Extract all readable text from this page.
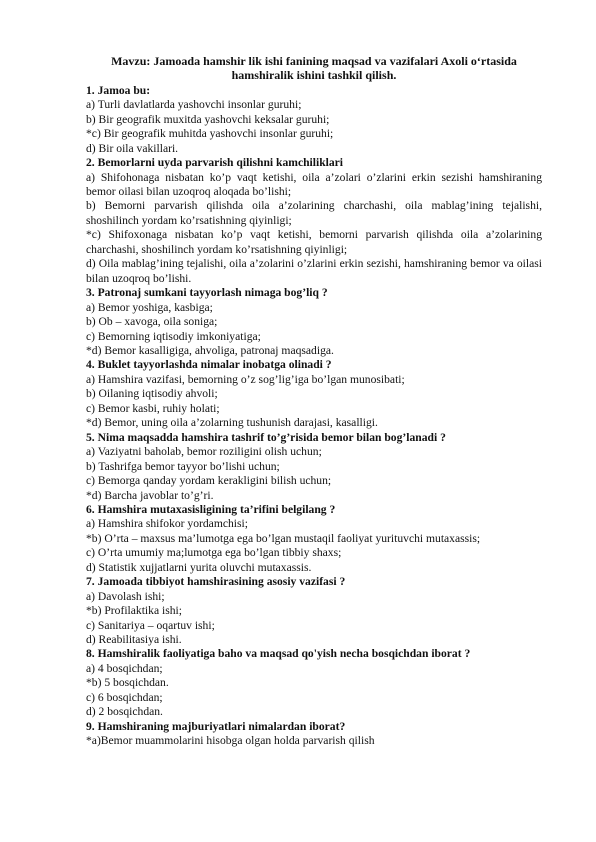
Mavzu: Jamoada hamshir lik ishi fanining maqsad va vazifalari Axoli o‘rtasida hamshiralik ishini tashkil qilish.

1. Jamoa bu:

a) Turli davlatlarda yashovchi insonlar guruhi;

b) Bir geografik muxitda yashovchi keksalar guruhi;

*c) Bir geografik muhitda yashovchi insonlar guruhi;

d) Bir oila vakillari.

2. Bemorlarni uyda parvarish qilishni kamchiliklari

a) Shifohonaga nisbatan ko’p vaqt ketishi, oila a’zolari o’zlarini erkin sezishi hamshiraning bemor oilasi bilan uzoqroq aloqada bo’lishi;

b) Bemorni parvarish qilishda oila a’zolarining charchashi, oila mablag’ining tejalishi, shoshilinch yordam ko’rsatishning qiyinligi;

*c) Shifoxonaga nisbatan ko’p vaqt ketishi, bemorni parvarish qilishda oila a’zolarining charchashi, shoshilinch yordam ko’rsatishning qiyinligi;

d) Oila mablag’ining tejalishi, oila a’zolarini o’zlarini erkin sezishi, hamshiraning bemor va oilasi bilan uzoqroq bo’lishi.

3. Patronaj sumkani tayyorlash nimaga bog’liq ?

a) Bemor yoshiga, kasbiga;

b) Ob – xavoga, oila soniga;

c) Bemorning iqtisodiy imkoniyatiga;

*d) Bemor kasalligiga, ahvoliga, patronaj maqsadiga.

4. Buklet tayyorlashda nimalar inobatga olinadi ?

a) Hamshira vazifasi, bemorning o’z sog’lig’iga bo’lgan munosibati;

b) Oilaning iqtisodiy ahvoli;

c) Bemor kasbi, ruhiy holati;

*d) Bemor, uning oila a’zolarning tushunish darajasi, kasalligi.

5. Nima maqsadda hamshira tashrif to’g’risida bemor bilan bog’lanadi ?

a) Vaziyatni baholab, bemor roziligini olish uchun;

b) Tashrifga bemor tayyor bo’lishi uchun;

c) Bemorga qanday yordam kerakligini bilish uchun;

*d) Barcha javoblar to’g’ri.

6. Hamshira mutaxasisligining ta’rifini belgilang ?

a) Hamshira shifokor yordamchisi;

*b) O’rta – maxsus ma’lumotga ega bo’lgan mustaqil faoliyat yurituvchi mutaxassis;

c) O’rta umumiy ma;lumotga ega bo’lgan tibbiy shaxs;

d) Statistik xujjatlarni yurita oluvchi mutaxassis.

7. Jamoada tibbiyot hamshirasining asosiy vazifasi ?

a) Davolash ishi;

*b) Profilaktika ishi;

c) Sanitariya – oqartuv ishi;

d) Reabilitasiya ishi.

8. Hamshiralik faoliyatiga baho va maqsad qo'yish necha bosqichdan iborat ?

a) 4 bosqichdan;

*b) 5 bosqichdan.

c) 6 bosqichdan;

d) 2 bosqichdan.

9. Hamshiraning majburiyatlari nimalardan iborat?

*a)Bemor muammolarini hisobga olgan holda parvarish qilish
